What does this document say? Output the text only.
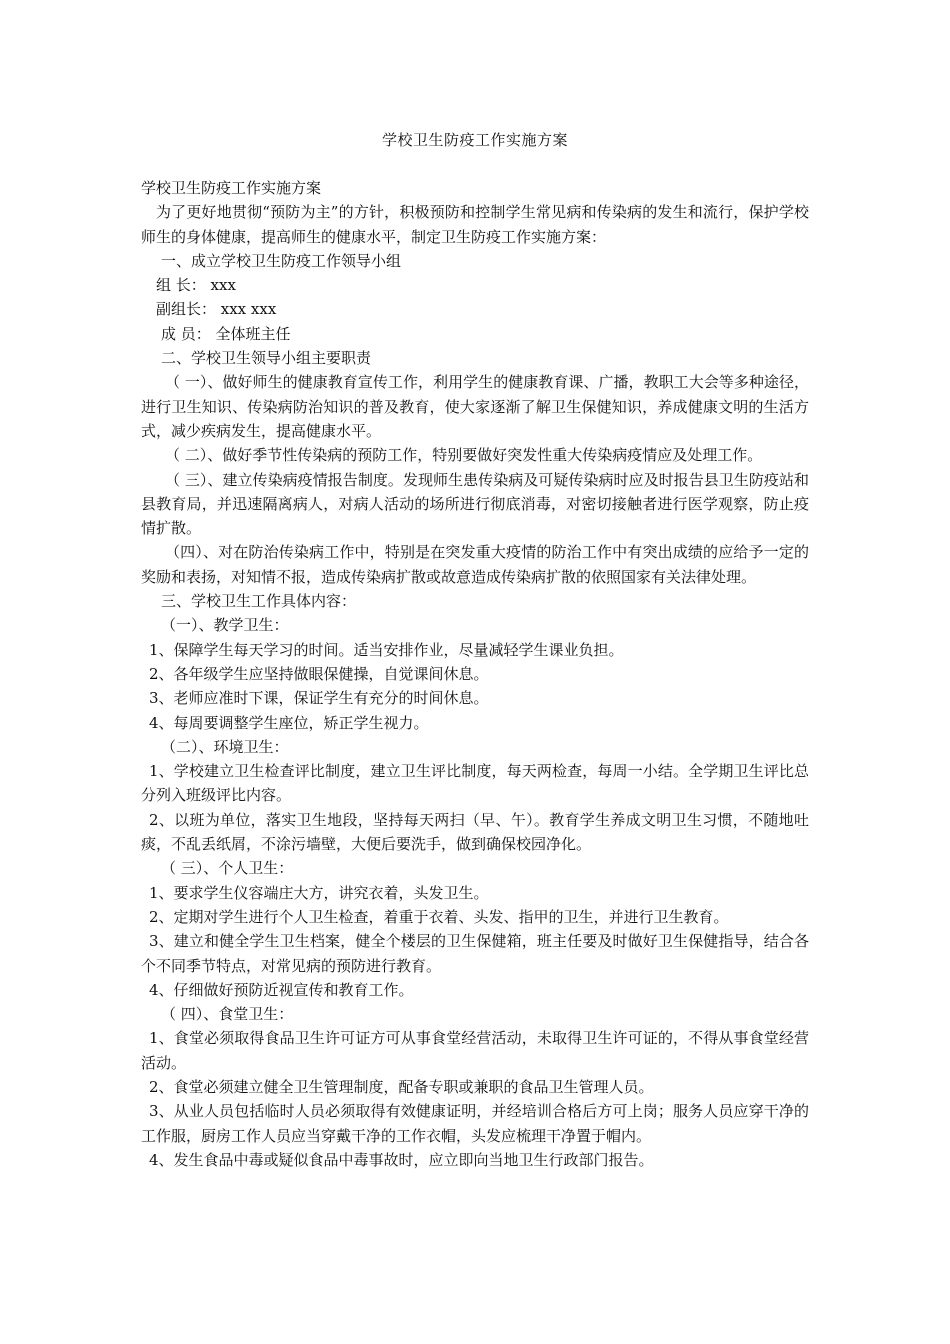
学校卫生防疫工作实施方案

学校卫生防疫工作实施方案

为了更好地贯彻“预防为主”的方针，积极预防和控制学生常见病和传染病的发生和流行，保护学校师生的身体健康，提高师生的健康水平，制定卫生防疫工作实施方案：

一、成立学校卫生防疫工作领导小组

组 长： xxx

副组长： xxx xxx

成 员： 全体班主任

二、学校卫生领导小组主要职责

（ 一）、做好师生的健康教育宣传工作，利用学生的健康教育课、广播，教职工大会等多种途径，进行卫生知识、传染病防治知识的普及教育，使大家逐渐了解卫生保健知识，养成健康文明的生活方式，减少疾病发生，提高健康水平。

（ 二）、做好季节性传染病的预防工作，特别要做好突发性重大传染病疫情应及处理工作。

（ 三）、建立传染病疫情报告制度。发现师生患传染病及可疑传染病时应及时报告县卫生防疫站和县教育局，并迅速隔离病人，对病人活动的场所进行彻底消毒，对密切接触者进行医学观察，防止疫情扩散。

（四）、对在防治传染病工作中，特别是在突发重大疫情的防治工作中有突出成绩的应给予一定的奖励和表扬，对知情不报，造成传染病扩散或故意造成传染病扩散的依照国家有关法律处理。

三、学校卫生工作具体内容：

（一）、教学卫生：

1、保障学生每天学习的时间。适当安排作业，尽量减轻学生课业负担。

2、各年级学生应坚持做眼保健操，自觉课间休息。

3、老师应准时下课，保证学生有充分的时间休息。

4、每周要调整学生座位，矫正学生视力。

（二）、环境卫生：

1、学校建立卫生检查评比制度，建立卫生评比制度，每天两检查，每周一小结。全学期卫生评比总分列入班级评比内容。

2、以班为单位，落实卫生地段，坚持每天两扫（早、午）。教育学生养成文明卫生习惯，不随地吐痰，不乱丢纸屑，不涂污墙壁，大便后要洗手，做到确保校园净化。

（ 三）、个人卫生：

1、要求学生仪容端庄大方，讲究衣着，头发卫生。

2、定期对学生进行个人卫生检查，着重于衣着、头发、指甲的卫生，并进行卫生教育。

3、建立和健全学生卫生档案，健全个楼层的卫生保健箱，班主任要及时做好卫生保健指导，结合各个不同季节特点，对常见病的预防进行教育。

4、仔细做好预防近视宣传和教育工作。

（ 四）、食堂卫生：

1、食堂必须取得食品卫生许可证方可从事食堂经营活动，未取得卫生许可证的，不得从事食堂经营活动。

2、食堂必须建立健全卫生管理制度，配备专职或兼职的食品卫生管理人员。

3、从业人员包括临时人员必须取得有效健康证明，并经培训合格后方可上岗；服务人员应穿干净的工作服，厨房工作人员应当穿戴干净的工作衣帽，头发应梳理干净置于帽内。

4、发生食品中毒或疑似食品中毒事故时，应立即向当地卫生行政部门报告。
